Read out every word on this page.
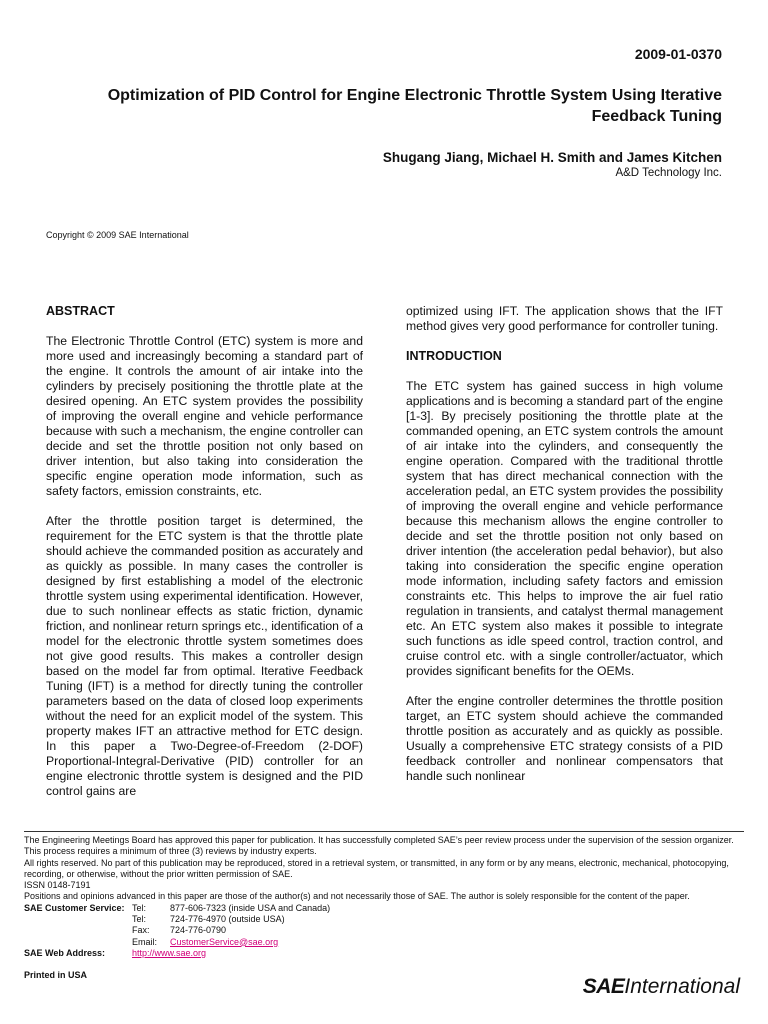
2009-01-0370
Optimization of PID Control for Engine Electronic Throttle System Using Iterative Feedback Tuning
Shugang Jiang, Michael H. Smith and James Kitchen
A&D Technology Inc.
Copyright © 2009 SAE International
ABSTRACT

The Electronic Throttle Control (ETC) system is more and more used and increasingly becoming a standard part of the engine. It controls the amount of air intake into the cylinders by precisely positioning the throttle plate at the desired opening. An ETC system provides the possibility of improving the overall engine and vehicle performance because with such a mechanism, the engine controller can decide and set the throttle position not only based on driver intention, but also taking into consideration the specific engine operation mode information, such as safety factors, emission constraints, etc.

After the throttle position target is determined, the requirement for the ETC system is that the throttle plate should achieve the commanded position as accurately and as quickly as possible. In many cases the controller is designed by first establishing a model of the electronic throttle system using experimental identification. However, due to such nonlinear effects as static friction, dynamic friction, and nonlinear return springs etc., identification of a model for the electronic throttle system sometimes does not give good results. This makes a controller design based on the model far from optimal. Iterative Feedback Tuning (IFT) is a method for directly tuning the controller parameters based on the data of closed loop experiments without the need for an explicit model of the system. This property makes IFT an attractive method for ETC design. In this paper a Two-Degree-of-Freedom (2-DOF) Proportional-Integral-Derivative (PID) controller for an engine electronic throttle system is designed and the PID control gains are

optimized using IFT. The application shows that the IFT method gives very good performance for controller tuning.

INTRODUCTION

The ETC system has gained success in high volume applications and is becoming a standard part of the engine [1-3]. By precisely positioning the throttle plate at the commanded opening, an ETC system controls the amount of air intake into the cylinders, and consequently the engine operation. Compared with the traditional throttle system that has direct mechanical connection with the acceleration pedal, an ETC system provides the possibility of improving the overall engine and vehicle performance because this mechanism allows the engine controller to decide and set the throttle position not only based on driver intention (the acceleration pedal behavior), but also taking into consideration the specific engine operation mode information, including safety factors and emission constraints etc. This helps to improve the air fuel ratio regulation in transients, and catalyst thermal management etc. An ETC system also makes it possible to integrate such functions as idle speed control, traction control, and cruise control etc. with a single controller/actuator, which provides significant benefits for the OEMs.

After the engine controller determines the throttle position target, an ETC system should achieve the commanded throttle position as accurately and as quickly as possible. Usually a comprehensive ETC strategy consists of a PID feedback controller and nonlinear compensators that handle such nonlinear

The Engineering Meetings Board has approved this paper for publication. It has successfully completed SAE’s peer review process under the supervision of the session organizer. This process requires a minimum of three (3) reviews by industry experts.

All rights reserved. No part of this publication may be reproduced, stored in a retrieval system, or transmitted, in any form or by any means, electronic, mechanical, photocopying, recording, or otherwise, without the prior written permission of SAE.

ISSN 0148-7191

Positions and opinions advanced in this paper are those of the author(s) and not necessarily those of SAE. The author is solely responsible for the content of the paper.

SAE Customer Service: Tel:	877-606-7323 (inside USA and Canada)
Tel:	724-776-4970 (outside USA)
Fax: 724-776-0790
Email: CustomerService@sae.org
SAE Web Address:	http://www.sae.org
Printed in USA	SAEInternational
